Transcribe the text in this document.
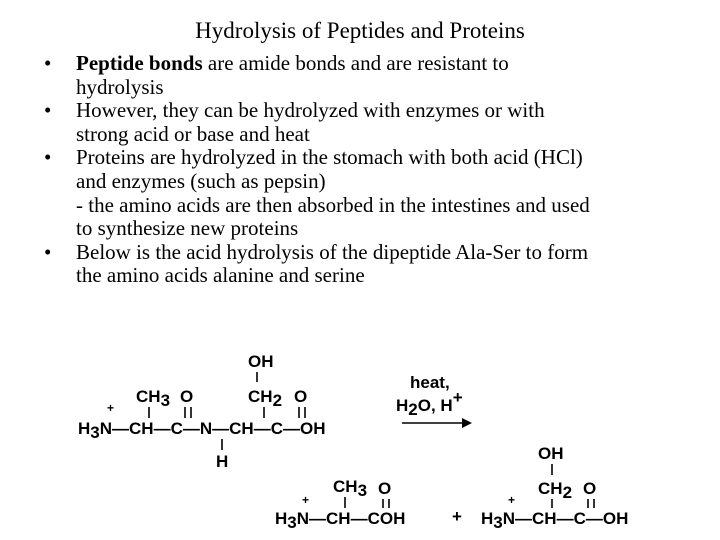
Hydrolysis of Peptides and Proteins
• Peptide bonds are amide bonds and are resistant to
hydrolysis
• However, they can be hydrolyzed with enzymes or with
strong acid or base and heat
• Proteins are hydrolyzed in the stomach with both acid (HCl)
and enzymes (such as pepsin)
- the amino acids are then absorbed in the intestines and used
to synthesize new proteins
• Below is the acid hydrolysis of the dipeptide Ala-Ser to form
the amino acids alanine and serine
OH
+
CH3 O	CH2 O
H3N—CH—C—N—CH—C—OH
H
heat,
H2O, H+
CH3 O
+
H3N—CH—COH	+
OH
CH2 O
+
H3N—CH—C—OH
